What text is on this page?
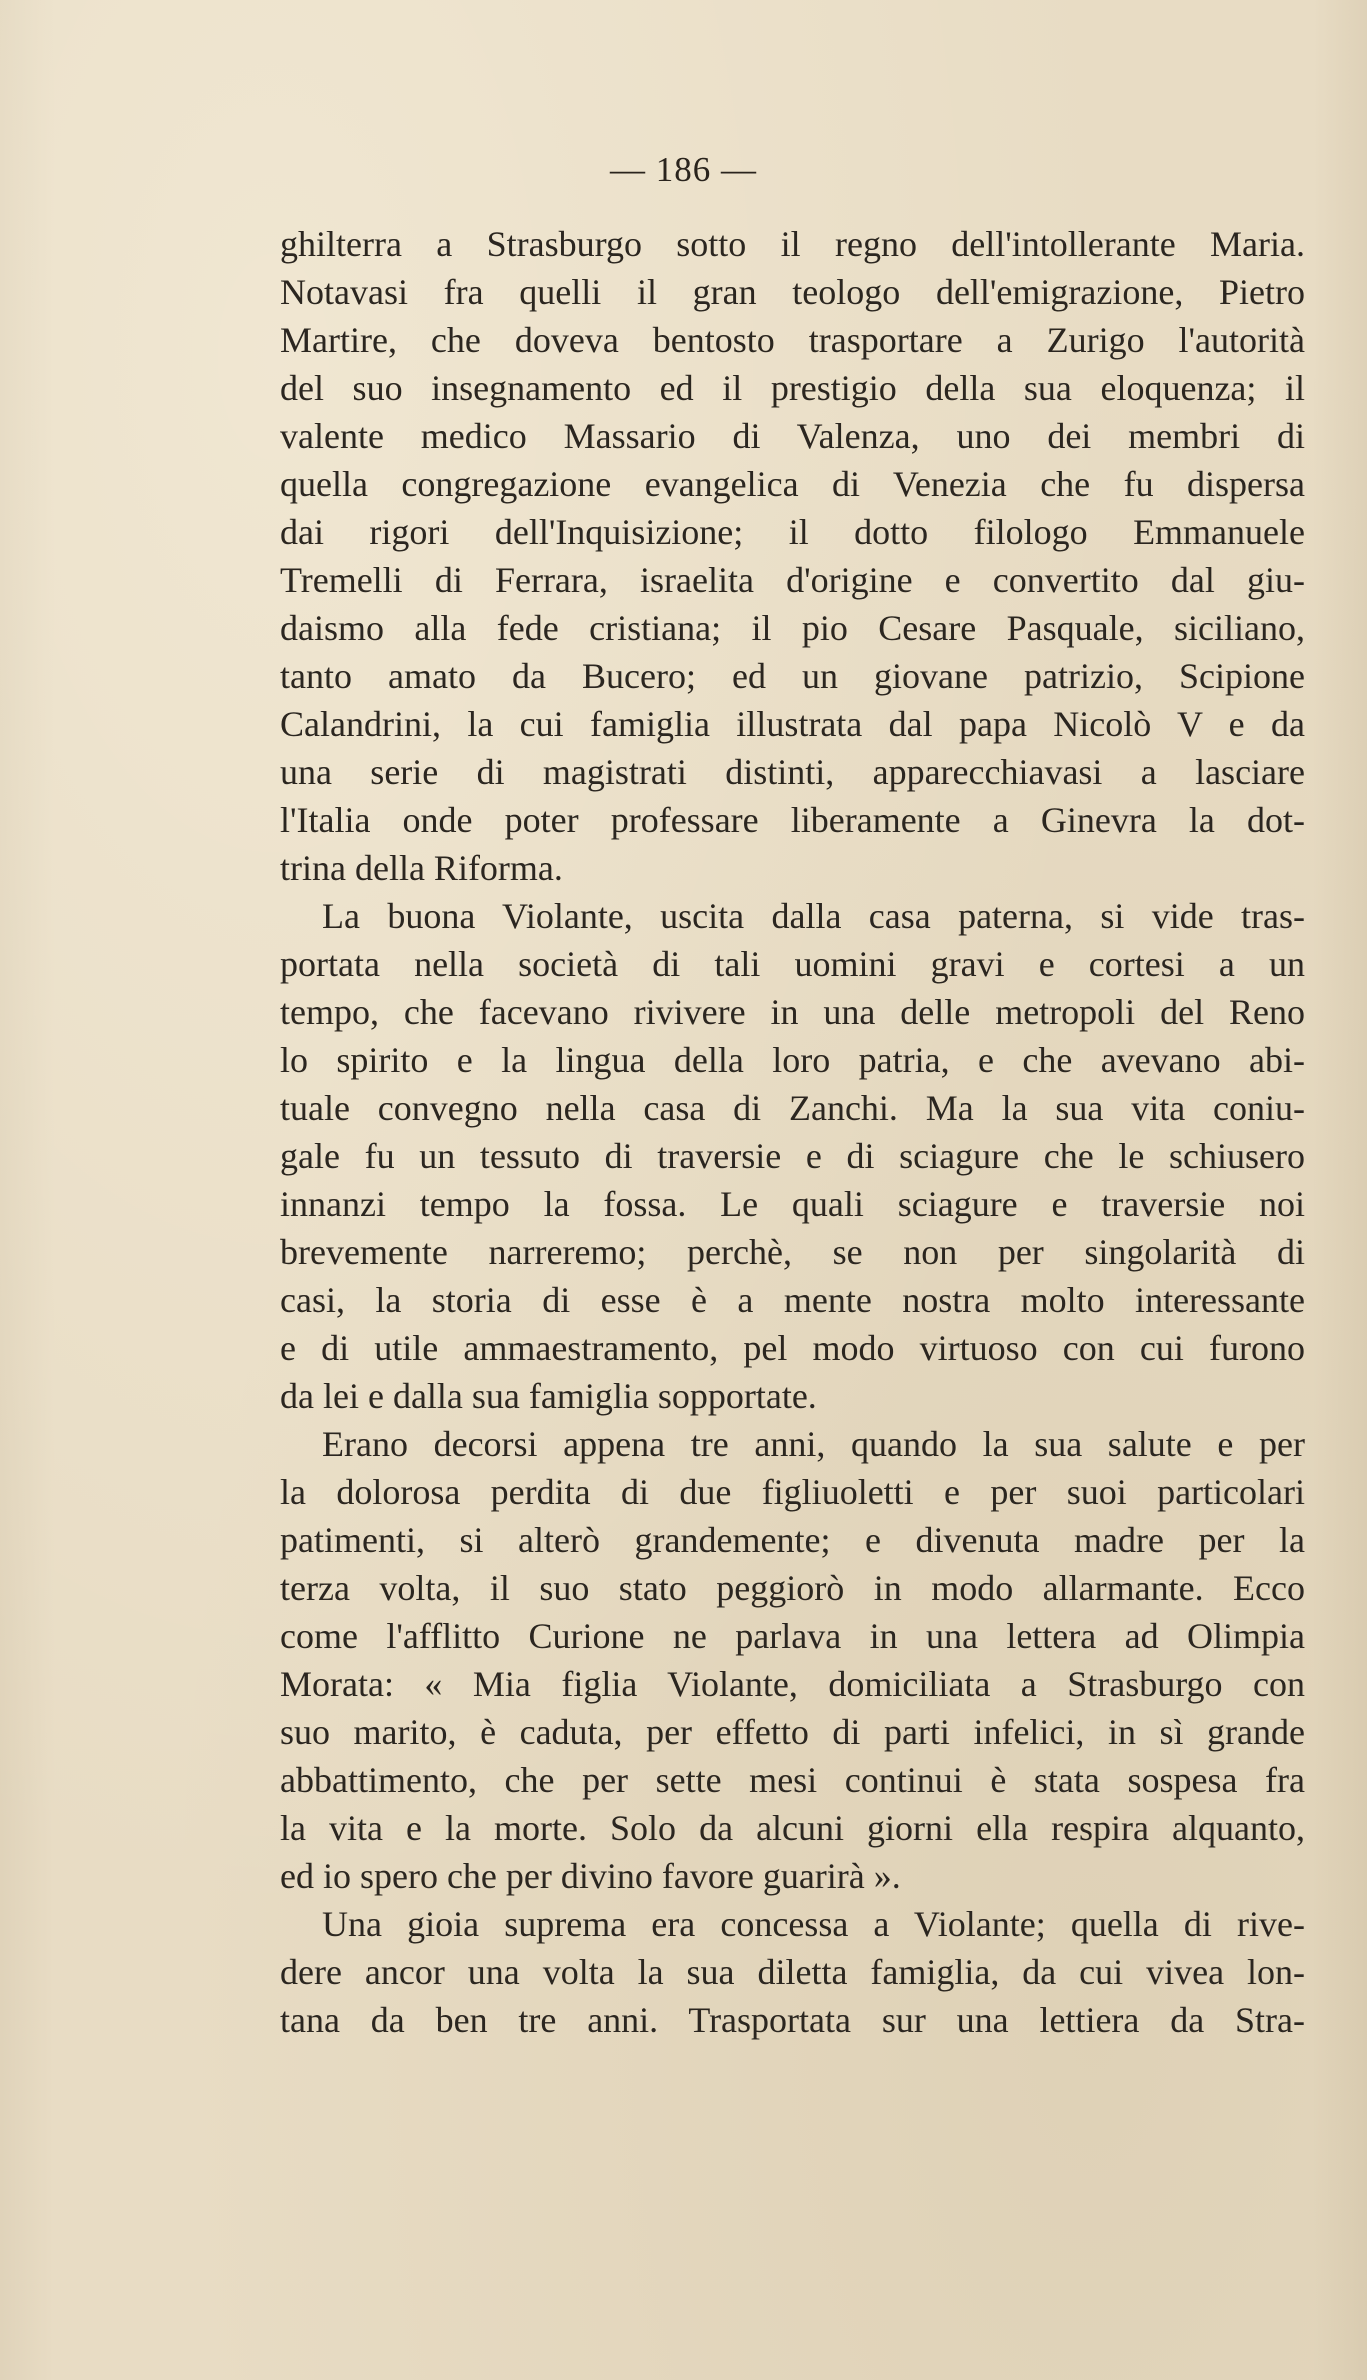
— 186 —
ghilterra a Strasburgo sotto il regno dell'intollerante Maria.
Notavasi fra quelli il gran teologo dell'emigrazione, Pietro
Martire, che doveva bentosto trasportare a Zurigo l'autorità
del suo insegnamento ed il prestigio della sua eloquenza; il
valente medico Massario di Valenza, uno dei membri di
quella congregazione evangelica di Venezia che fu dispersa
dai rigori dell'Inquisizione; il dotto filologo Emmanuele
Tremelli di Ferrara, israelita d'origine e convertito dal giu-
daismo alla fede cristiana; il pio Cesare Pasquale, siciliano,
tanto amato da Bucero; ed un giovane patrizio, Scipione
Calandrini, la cui famiglia illustrata dal papa Nicolò V e da
una serie di magistrati distinti, apparecchiavasi a lasciare
l'Italia onde poter professare liberamente a Ginevra la dot-
trina della Riforma.
La buona Violante, uscita dalla casa paterna, si vide tras-
portata nella società di tali uomini gravi e cortesi a un
tempo, che facevano rivivere in una delle metropoli del Reno
lo spirito e la lingua della loro patria, e che avevano abi-
tuale convegno nella casa di Zanchi. Ma la sua vita coniu-
gale fu un tessuto di traversie e di sciagure che le schiusero
innanzi tempo la fossa. Le quali sciagure e traversie noi
brevemente narreremo; perchè, se non per singolarità di
casi, la storia di esse è a mente nostra molto interessante
e di utile ammaestramento, pel modo virtuoso con cui furono
da lei e dalla sua famiglia sopportate.
Erano decorsi appena tre anni, quando la sua salute e per
la dolorosa perdita di due figliuoletti e per suoi particolari
patimenti, si alterò grandemente; e divenuta madre per la
terza volta, il suo stato peggiorò in modo allarmante. Ecco
come l'afflitto Curione ne parlava in una lettera ad Olimpia
Morata: « Mia figlia Violante, domiciliata a Strasburgo con
suo marito, è caduta, per effetto di parti infelici, in sì grande
abbattimento, che per sette mesi continui è stata sospesa fra
la vita e la morte. Solo da alcuni giorni ella respira alquanto,
ed io spero che per divino favore guarirà ».
Una gioia suprema era concessa a Violante; quella di rive-
dere ancor una volta la sua diletta famiglia, da cui vivea lon-
tana da ben tre anni. Trasportata sur una lettiera da Stra-
